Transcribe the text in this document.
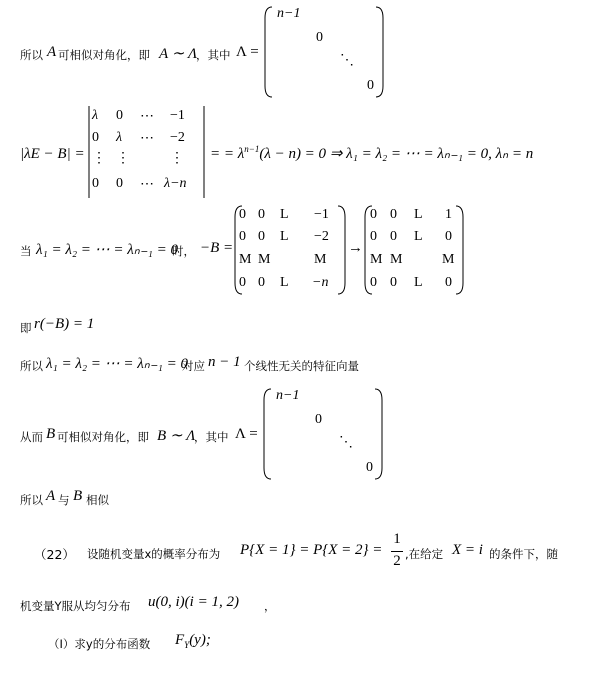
所以 A 可相似对角化，即 A ∼ Λ
，其中 Λ =
n−1
0
⋱
0
|λE − B| =
λ 0 ⋯ −1
0 λ ⋯ −2
⋮ ⋮	⋮
0 0 ⋯ λ−n
= = $\lambda^{n-1}(\lambda - n) = 0$ ⇒ λ₁ = λ₂ = ⋯ = λₙ₋₁ = 0, λₙ = n
当 λ₁ = λ₂ = ⋯ = λₙ₋₁ = 0
时， −B =
0 0 L −1
0 0 L −2
M M	M
0 0 L −n
→
0 0 L 1
0 0 L 0
M M	M
0 0 L 0
即 r(−B) = 1
所以 λ₁ = λ₂ = ⋯ = λₙ₋₁ = 0
对应 n − 1 个线性无关的特征向量
从而 B 可相似对角化，即 B ∼ Λ
，其中 Λ =
n−1
0
⋱
0
所以 A 与 B 相似
（22） 设随机变量x的概率分布为 P{X = 1} = P{X = 2} =
1
2 ,在给定 X = i 的条件下，随
机变量Y服从均匀分布 u(0, i)(i = 1, 2) ，
（Ⅰ）求y的分布函数 $F_Y(y)$;
